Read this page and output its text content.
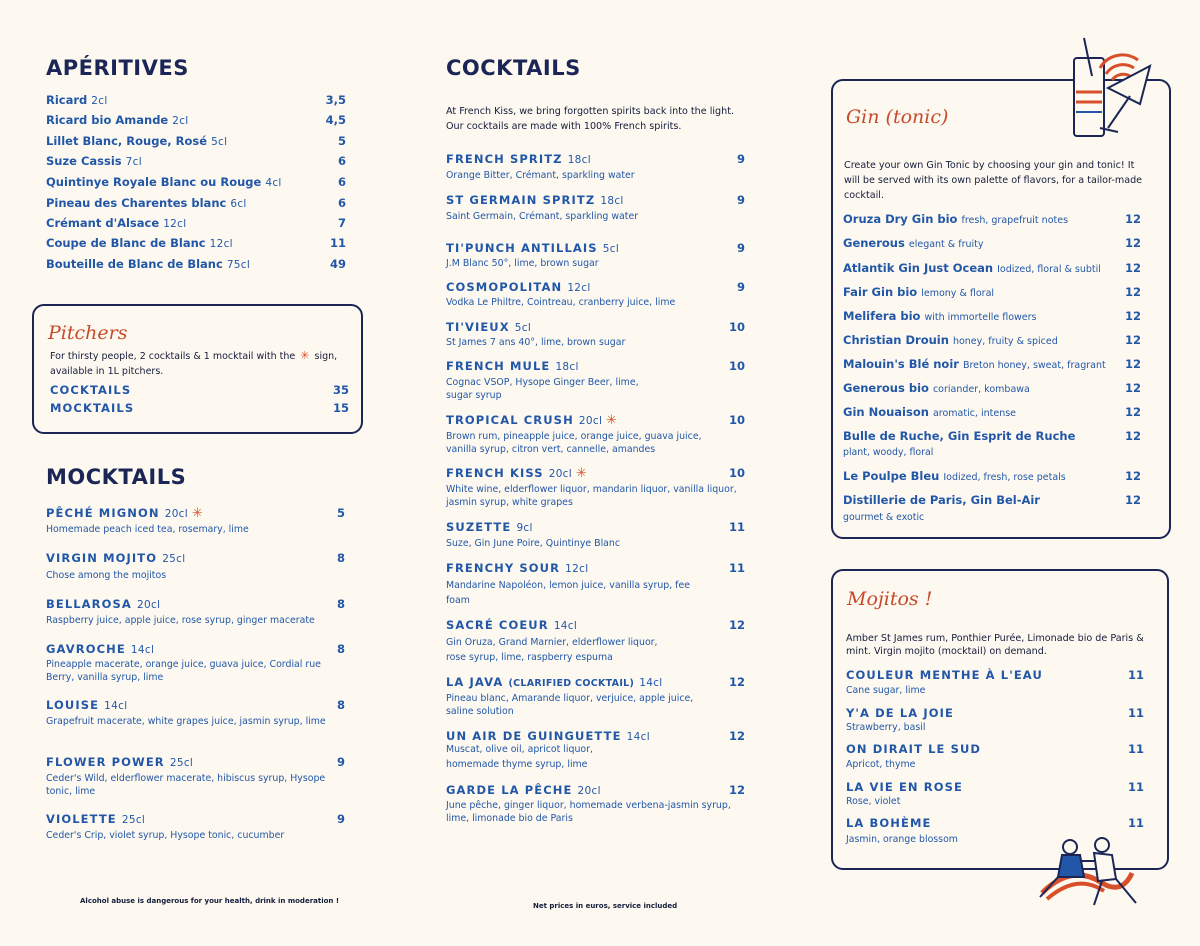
APÉRITIVES
Ricard 2cl	3,5
Ricard bio Amande 2cl	4,5
Lillet Blanc, Rouge, Rosé 5cl	5
Suze Cassis 7cl	6
Quintinye Royale Blanc ou Rouge 4cl	6
Pineau des Charentes blanc 6cl	6
Crémant d'Alsace 12cl	7
Coupe de Blanc de Blanc 12cl	11
Bouteille de Blanc de Blanc 75cl	49
Pitchers
For thirsty people, 2 cocktails & 1 mocktail with the ✳ sign,
available in 1L pitchers.
COCKTAILS	35
MOCKTAILS	15
MOCKTAILS
PÊCHÉ MIGNON 20cl ✳	5
Homemade peach iced tea, rosemary, lime
VIRGIN MOJITO 25cl	8
Chose among the mojitos
BELLAROSA 20cl	8
Raspberry juice, apple juice, rose syrup, ginger macerate
GAVROCHE 14cl	8
Pineapple macerate, orange juice, guava juice, Cordial rue Berry, vanilla syrup, lime
LOUISE 14cl	8
Grapefruit macerate, white grapes juice, jasmin syrup, lime
FLOWER POWER 25cl	9
Ceder's Wild, elderflower macerate, hibiscus syrup, Hysope tonic, lime
VIOLETTE 25cl	9
Ceder's Crip, violet syrup, Hysope tonic, cucumber
Alcohol abuse is dangerous for your health, drink in moderation !
COCKTAILS
At French Kiss, we bring forgotten spirits back into the light.
Our cocktails are made with 100% French spirits.
FRENCH SPRITZ 18cl	9
Orange Bitter, Crémant, sparkling water
ST GERMAIN SPRITZ 18cl	9
Saint Germain, Crémant, sparkling water
TI'PUNCH ANTILLAIS 5cl	9
J.M Blanc 50°, lime, brown sugar
COSMOPOLITAN 12cl	9
Vodka Le Philtre, Cointreau, cranberry juice, lime
TI'VIEUX 5cl	10
St James 7 ans 40°, lime, brown sugar
FRENCH MULE 18cl	10
Cognac VSOP, Hysope Ginger Beer, lime, sugar syrup
TROPICAL CRUSH 20cl ✳	10
Brown rum, pineapple juice, orange juice, guava juice, vanilla syrup, citron vert, cannelle, amandes
FRENCH KISS 20cl ✳	10
White wine, elderflower liquor, mandarin liquor, vanilla liquor, jasmin syrup, white grapes
SUZETTE 9cl	11
Suze, Gin June Poire, Quintinye Blanc
FRENCHY SOUR 12cl	11
Mandarine Napoléon, lemon juice, vanilla syrup, fee foam
SACRÉ COEUR 14cl	12
Gin Oruza, Grand Marnier, elderflower liquor, rose syrup, lime, raspberry espuma
LA JAVA (CLARIFIED COCKTAIL) 14cl	12
Pineau blanc, Amarande liquor, verjuice, apple juice, saline solution
UN AIR DE GUINGUETTE 14cl	12
Muscat, olive oil, apricot liquor, homemade thyme syrup, lime
GARDE LA PÊCHE 20cl	12
June pêche, ginger liquor, homemade verbena-jasmin syrup, lime, limonade bio de Paris
Net prices in euros, service included
Gin (tonic)
Create your own Gin Tonic by choosing your gin and tonic! It
will be served with its own palette of flavors, for a tailor-made
cocktail.
Oruza Dry Gin bio fresh, grapefruit notes	12
Generous elegant & fruity	12
Atlantik Gin Just Ocean Iodized, floral & subtil 12
Fair Gin bio lemony & floral	12
Melifera bio with immortelle flowers	12
Christian Drouin honey, fruity & spiced	12
Malouin's Blé noir Breton honey, sweat, fragrant 12
Generous bio coriander, kombawa	12
Gin Nouaison aromatic, intense	12
Bulle de Ruche, Gin Esprit de Ruche	12
plant, woody, floral
Le Poulpe Bleu Iodized, fresh, rose petals	12
Distillerie de Paris, Gin Bel-Air	12
gourmet & exotic
Mojitos !
Amber St James rum, Ponthier Purée, Limonade bio de Paris &
mint. Virgin mojito (mocktail) on demand.
COULEUR MENTHE À L'EAU	11
Cane sugar, lime
Y'A DE LA JOIE	11
Strawberry, basil
ON DIRAIT LE SUD	11
Apricot, thyme
LA VIE EN ROSE	11
Rose, violet
LA BOHÈME	11
Jasmin, orange blossom
